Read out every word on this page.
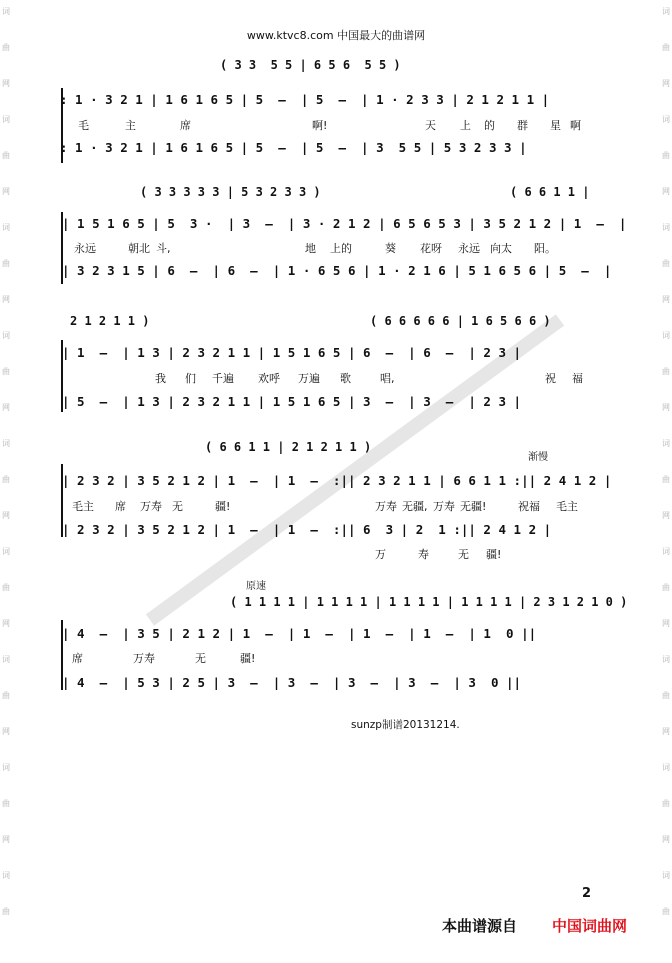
词
曲
网
词
曲
网
词
曲
网
词
曲
网
词
曲
网
词
曲
网
词
曲
网
词
曲
网
词
曲
词
曲
网
词
曲
网
词
曲
网
词
曲
网
词
曲
网
词
曲
网
词
曲
网
词
曲
网
词
曲
www.ktvc8.com 中国最大的曲谱网
( 3 3  5 5 | 6 5 6  5 5 )
: 1 · 3 2 1 | 1 6 1 6 5 | 5  –  | 5  –  | 1 · 2 3 3 | 2 1 2 1 1 |
毛	主	席	啊!	天 上 的 群 星 啊
: 1 · 3 2 1 | 1 6 1 6 5 | 5  –  | 5  –  | 3  5 5 | 5 3 2 3 3 |
( 3 3 3 3 3 | 5 3 2 3 3 )	( 6 6 1 1 |
| 1 5 1 6 5 | 5  3 ·  | 3  –  | 3 · 2 1 2 | 6 5 6 5 3 | 3 5 2 1 2 | 1  –  |
永远	朝北 斗,	地 上的	葵 花呀 永远 向太 阳。
| 3 2 3 1 5 | 6  –  | 6  –  | 1 · 6 5 6 | 1 · 2 1 6 | 5 1 6 5 6 | 5  –  |
2 1 2 1 1 )	( 6 6 6 6 6 | 1 6 5 6 6 )
| 1  –  | 1 3 | 2 3 2 1 1 | 1 5 1 6 5 | 6  –  | 6  –  | 2 3 |
我 们 千遍 欢呼 万遍 歌	唱,	祝 福
| 5  –  | 1 3 | 2 3 2 1 1 | 1 5 1 6 5 | 3  –  | 3  –  | 2 3 |
渐慢
( 6 6 1 1 | 2 1 2 1 1 )
| 2 3 2 | 3 5 2 1 2 | 1  –  | 1  –  :|| 2 3 2 1 1 | 6 6 1 1 :|| 2 4 1 2 |
毛主 席 万寿 无	疆!	万寿 无疆, 万寿 无疆!	祝福 毛主
| 2 3 2 | 3 5 2 1 2 | 1  –  | 1  –  :|| 6  3 | 2  1 :|| 2 4 1 2 |
万	寿	无 疆!
原速
( 1 1 1 1 | 1 1 1 1 | 1 1 1 1 | 1 1 1 1 | 2 3 1 2 1 0 )
| 4  –  | 3 5 | 2 1 2 | 1  –  | 1  –  | 1  –  | 1  –  | 1  0 ||
席	万寿	无	疆!
| 4  –  | 5 3 | 2 5 | 3  –  | 3  –  | 3  –  | 3  –  | 3  0 ||
sunzp制谱20131214.
2
本曲谱源自 中国词曲网
